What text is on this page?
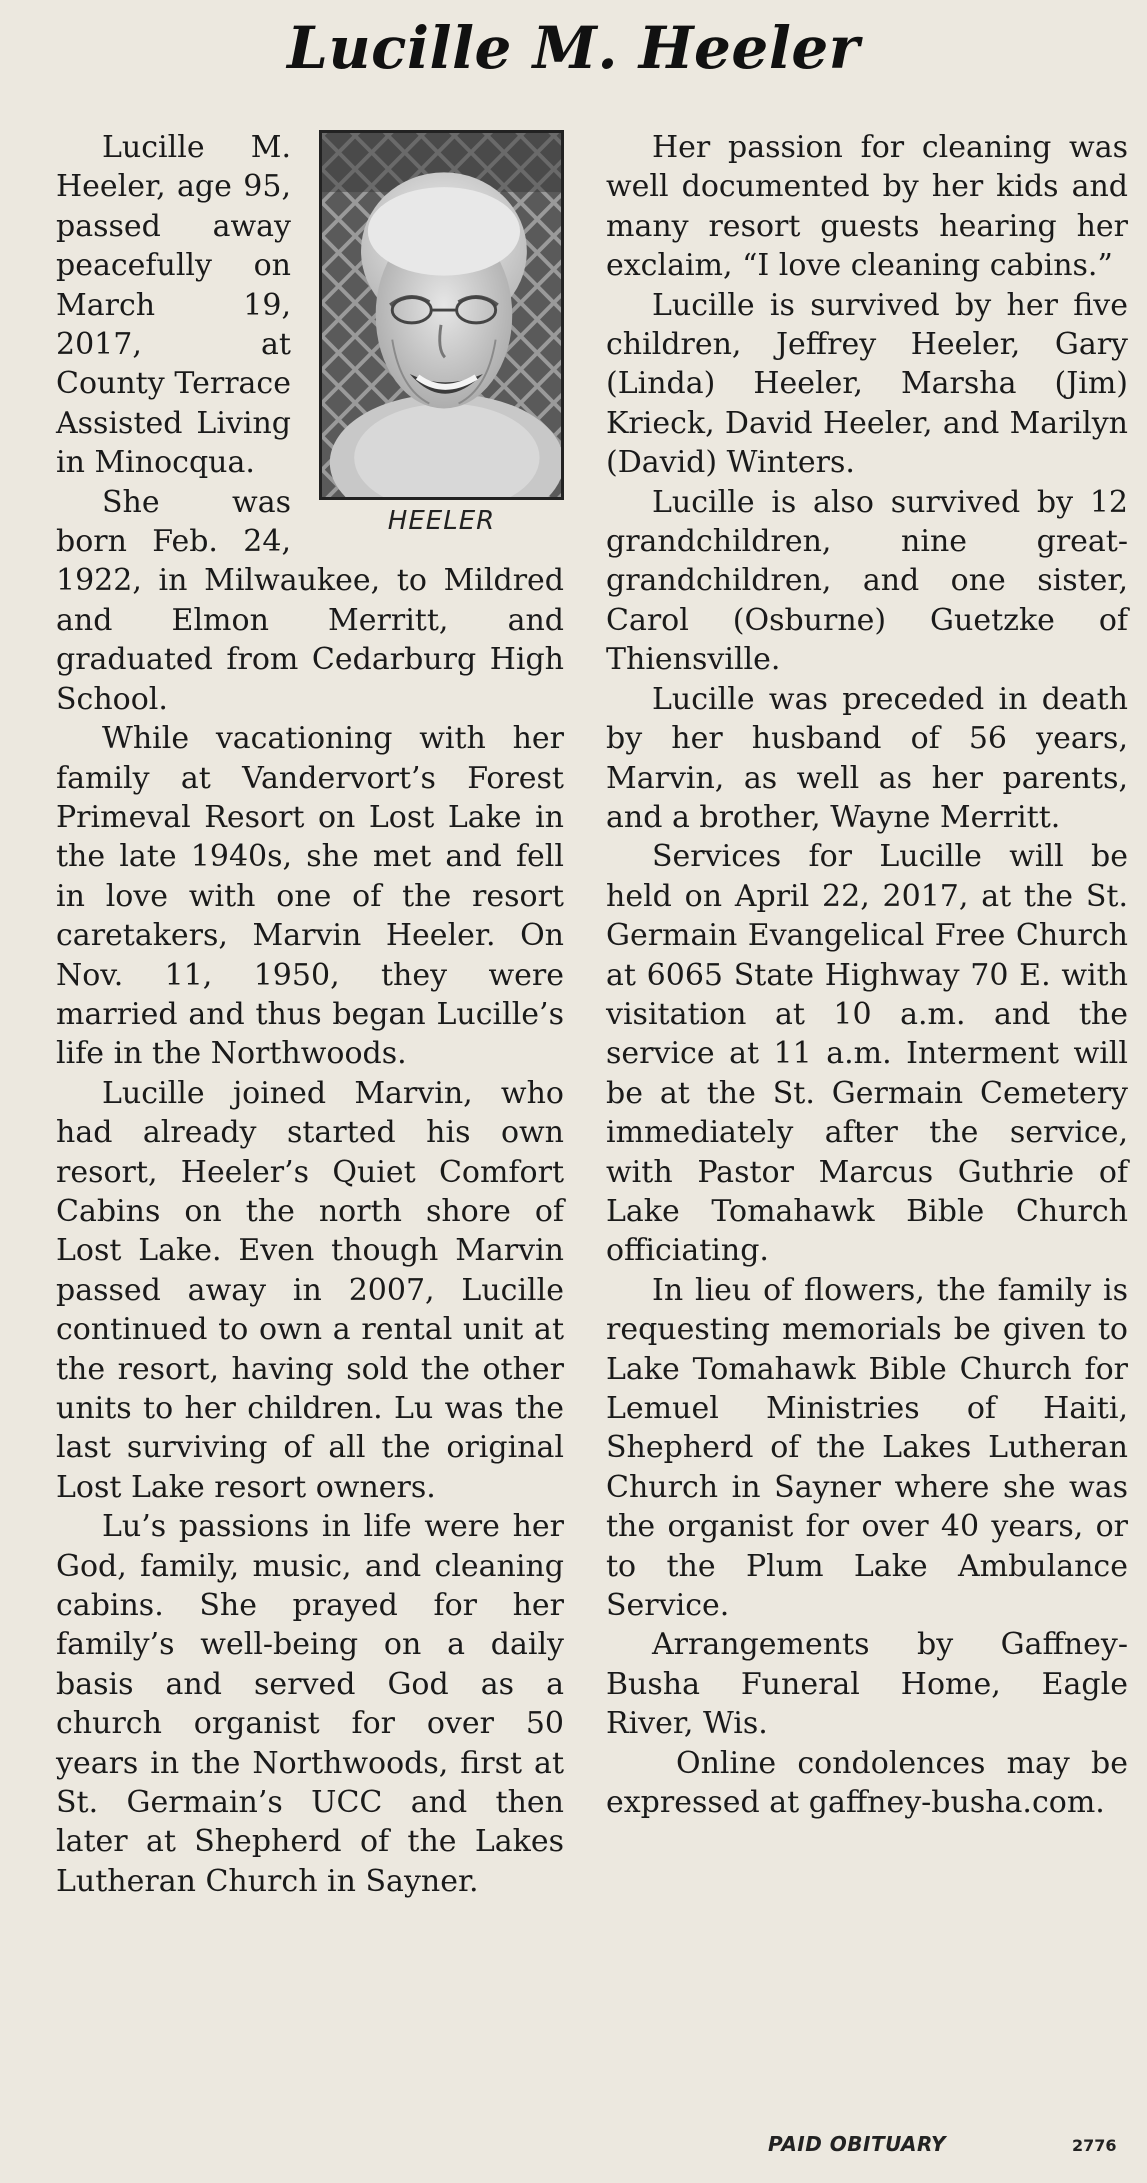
Lucille M. Heeler
HEELER

Lucille M. Heeler, age 95, passed away peacefully on March 19, 2017, at County Terrace Assisted Living in Minocqua.

She was born Feb. 24, 1922, in Milwaukee, to Mildred and Elmon Merritt, and graduated from Cedarburg High School.

While vacationing with her family at Vandervort’s Forest Primeval Resort on Lost Lake in the late 1940s, she met and fell in love with one of the resort caretakers, Marvin Heeler. On Nov. 11, 1950, they were married and thus began Lucille’s life in the Northwoods.

Lucille joined Marvin, who had already started his own resort, Heeler’s Quiet Comfort Cabins on the north shore of Lost Lake. Even though Marvin passed away in 2007, Lucille continued to own a rental unit at the resort, having sold the other units to her children. Lu was the last surviving of all the original Lost Lake resort owners.

Lu’s passions in life were her God, family, music, and cleaning cabins. She prayed for her family’s well-being on a daily basis and served God as a church organist for over 50 years in the Northwoods, first at St. Germain’s UCC and then later at Shepherd of the Lakes Lutheran Church in Sayner.

Her passion for cleaning was well documented by her kids and many resort guests hearing her exclaim, “I love cleaning cabins.”

Lucille is survived by her five children, Jeffrey Heeler, Gary (Linda) Heeler, Marsha (Jim) Krieck, David Heeler, and Marilyn (David) Winters.

Lucille is also survived by 12 grandchildren, nine great-grandchildren, and one sister, Carol (Osburne) Guetzke of Thiensville.

Lucille was preceded in death by her husband of 56 years, Marvin, as well as her parents, and a brother, Wayne Merritt.

Services for Lucille will be held on April 22, 2017, at the St. Germain Evangelical Free Church at 6065 State Highway 70 E. with visitation at 10 a.m. and the service at 11 a.m. Interment will be at the St. Germain Cemetery immediately after the service, with Pastor Marcus Guthrie of Lake Tomahawk Bible Church officiating.

In lieu of flowers, the family is requesting memorials be given to Lake Tomahawk Bible Church for Lemuel Ministries of Haiti, Shepherd of the Lakes Lutheran Church in Sayner where she was the organist for over 40 years, or to the Plum Lake Ambulance Service.

Arrangements by Gaffney-Busha Funeral Home, Eagle River, Wis.

Online condolences may be expressed at gaffney-busha.com.

PAID OBITUARY	2776
